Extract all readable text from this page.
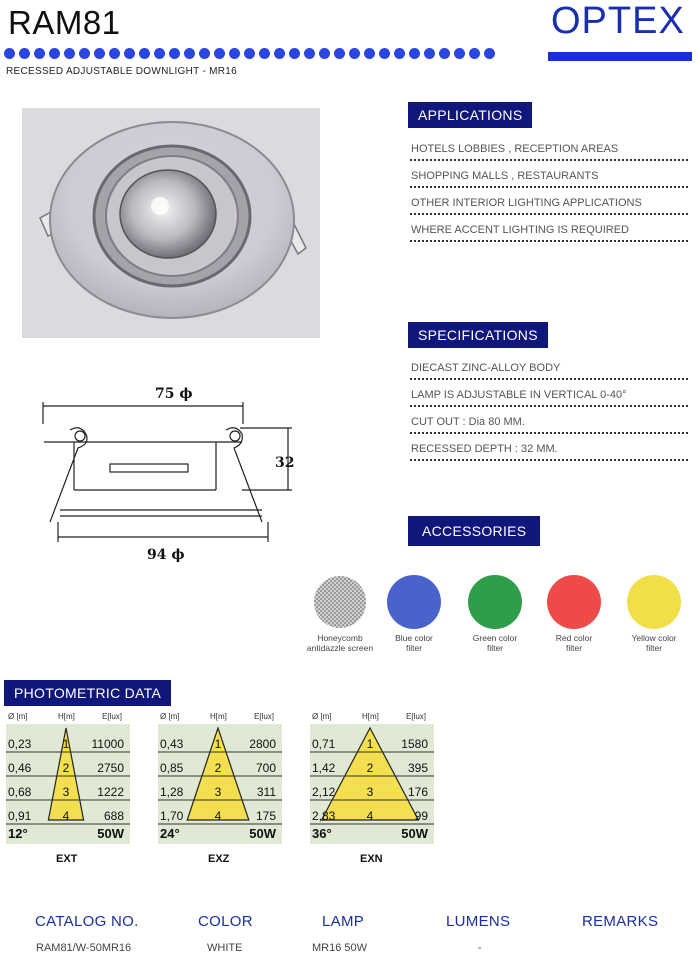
RAM81	OPTEX
RECESSED ADJUSTABLE DOWNLIGHT - MR16
75 ϕ
32
94 ϕ
APPLICATIONS
HOTELS LOBBIES , RECEPTION AREAS
SHOPPING MALLS , RESTAURANTS
OTHER INTERIOR LIGHTING APPLICATIONS
WHERE ACCENT LIGHTING IS REQUIRED
SPECIFICATIONS
DIECAST ZINC-ALLOY BODY
LAMP IS ADJUSTABLE IN VERTICAL 0-40°
CUT OUT : Dia 80 MM.
RECESSED DEPTH : 32 MM.
ACCESSORIES
Honeycomb
antidazzle screen
Blue color
filter
Green color
filter
Red color
filter
Yellow color
filter
PHOTOMETRIC DATA
Ø [m]	H[m]	E[lux]
0,23	1 11000
0,46	2 2750
0,68	3 1222
0,91	4	688
12°	50W
EXT
Ø [m]	H[m]	E[lux]
0,43	1 2800
0,85	2	700
1,28	3	311
1,70	4	175
24°	50W
EXZ
Ø [m]	H[m]	E[lux]
0,71	1 1580
1,42	2	395
2,12	3	176
2,83	4	99
36°	50W
EXN
CATALOG NO.	COLOR	LAMP	LUMENS	REMARKS
RAM81/W-50MR16	WHITE	MR16 50W	-
